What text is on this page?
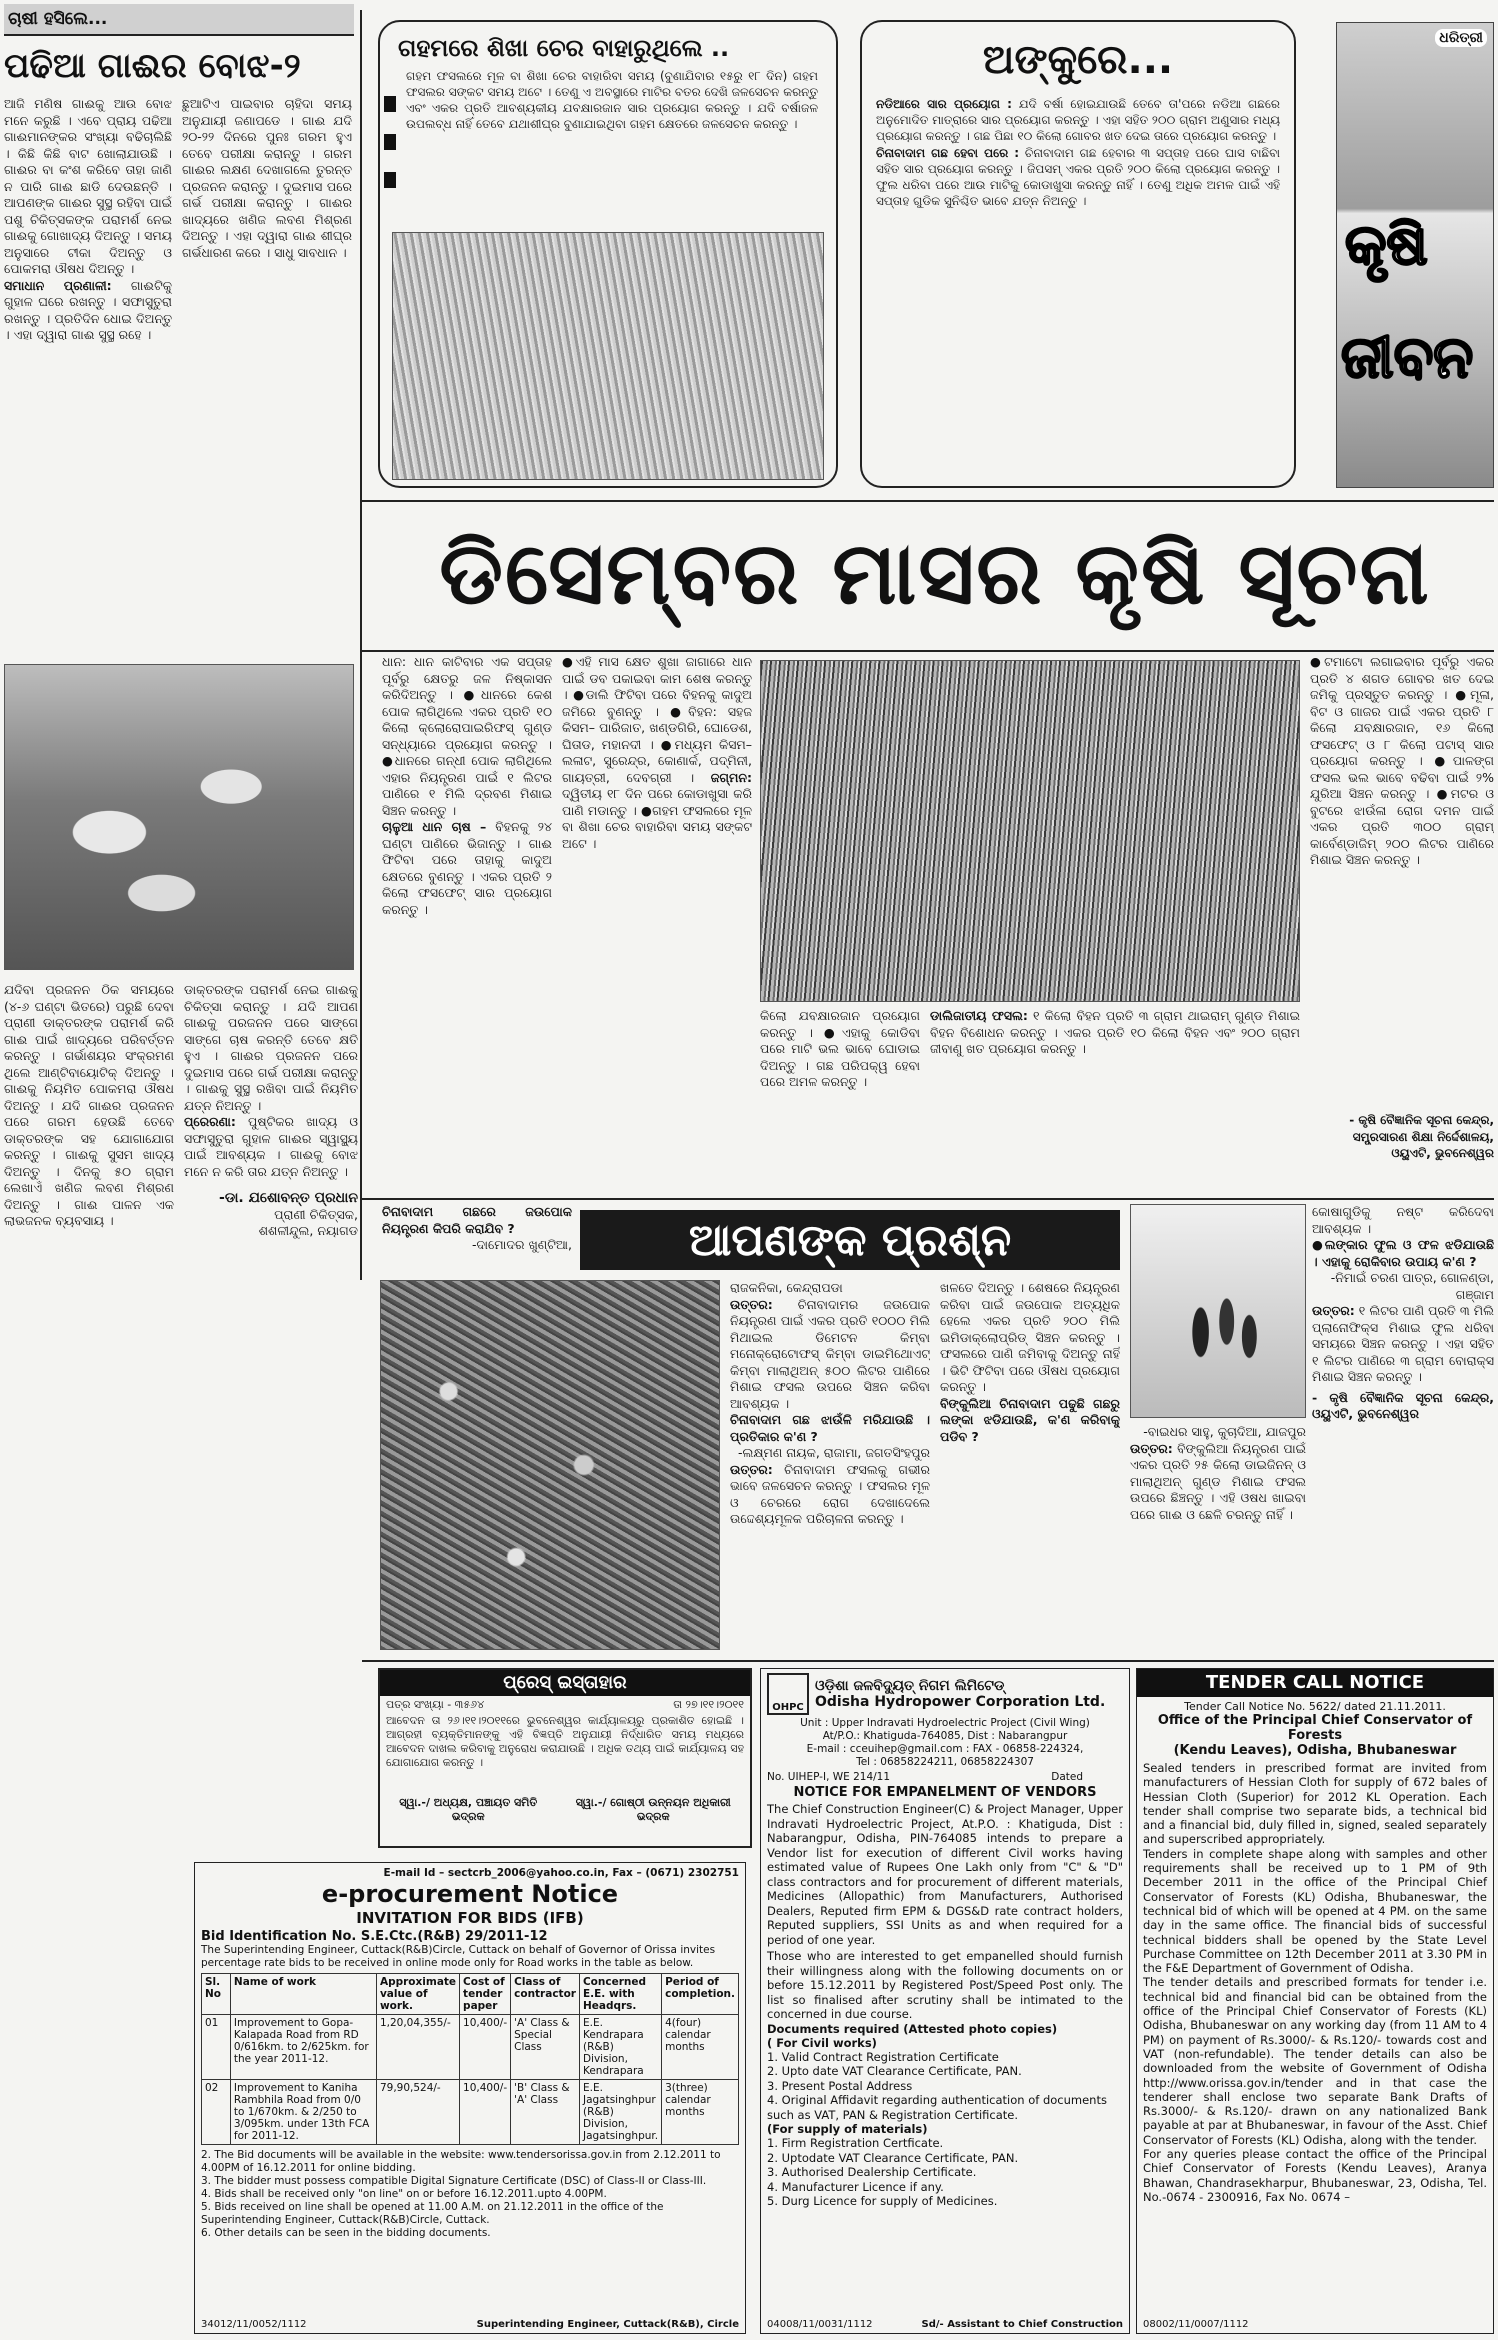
ଚାଷୀ ହସିଲେ...
ପଢିଆ ଗାଈର ବୋଝ-୨
ଆଜି ମଣିଷ ଗାଈକୁ ଆଉ ବୋଝ ମନେ କରୁଛି । ଏବେ ପ୍ରାୟ ପଢିଆ ଗାଈମାନଙ୍କର ସଂଖ୍ୟା ବଢିଚାଲିଛି । କିଛି କିଛି ବାଟ ଖୋଲାଯାଉଛି । ଗାଈର ବା କଂଶ କରିବେ ତାହା ଜାଣି ନ ପାରି ଗାଈ ଛାଡି ଦେଉଛନ୍ତି । ଆପଣଙ୍କ ଗାଈର ସୁସ୍ଥ ରହିବା ପାଇଁ ପଶୁ ଚିକିତ୍ସକଙ୍କ ପରାମର୍ଶ ନେଇ ଗାଈକୁ ଗୋଖାଦ୍ୟ ଦିଅନ୍ତୁ । ସମୟ ଅନୁସାରେ ଟୀକା ଦିଅନ୍ତୁ ଓ ପୋକମରା ଔଷଧ ଦିଅନ୍ତୁ ।
ସମାଧାନ ପ୍ରଣାଳୀ: ଗାଈଟିକୁ ଗୁହାଳ ଘରେ ରଖନ୍ତୁ । ସଫାସୁତୁରା ରଖନ୍ତୁ । ପ୍ରତିଦିନ ଧୋଇ ଦିଅନ୍ତୁ । ଏହା ଦ୍ୱାରା ଗାଈ ସୁସ୍ଥ ରହେ ।
ଛୁଆଟିଏ ପାଇବାର ଚାହିଦା ସମୟ ଅନୁଯାୟୀ ଜଣାପଡେ । ଗାଈ ଯଦି ୨୦-୨୨ ଦିନରେ ପୁନଃ ଗରମ ହୁଏ ତେବେ ପରୀକ୍ଷା କରାନ୍ତୁ । ଗରମ ଗାଈର ଲକ୍ଷଣ ଦେଖାଗଲେ ତୁରନ୍ତ ପ୍ରଜନନ କରାନ୍ତୁ । ଦୁଇମାସ ପରେ ଗର୍ଭ ପରୀକ୍ଷା କରାନ୍ତୁ । ଗାଈର ଖାଦ୍ୟରେ ଖଣିଜ ଲବଣ ମିଶ୍ରଣ ଦିଅନ୍ତୁ । ଏହା ଦ୍ୱାରା ଗାଈ ଶୀଘ୍ର ଗର୍ଭଧାରଣ କରେ । ସାଧୁ ସାବଧାନ ।
ଗହମରେ ଶିଖା ଚେର ବାହାରୁଥିଲେ ..
ଗହମ ଫସଲରେ ମୂଳ ବା ଶିଖା ଚେର ବାହାରିବା ସମୟ (ବୁଣାଯିବାର ୧୫ରୁ ୧୮ ଦିନ) ଗହମ ଫସଲର ସଙ୍କଟ ସମୟ ଅଟେ । ତେଣୁ ଏ ଅବସ୍ଥାରେ ମାଟିର ବତର ଦେଖି ଜଳସେଚନ କରନ୍ତୁ ଏବଂ ଏକର ପ୍ରତି ଆବଶ୍ୟକୀୟ ଯବକ୍ଷାରଜାନ ସାର ପ୍ରୟୋଗ କରନ୍ତୁ । ଯଦି ବର୍ଷାଜଳ ଉପଲବ୍ଧ ନାହିଁ ତେବେ ଯଥାଶୀଘ୍ର ବୁଣାଯାଇଥିବା ଗହମ କ୍ଷେତରେ ଜଳସେଚନ କରନ୍ତୁ ।
ଅଙ୍କୁରେ...
ନଡିଆରେ ସାର ପ୍ରୟୋଗ : ଯଦି ବର୍ଷା ହୋଇଯାଉଛି ତେବେ ତା'ପରେ ନଡିଆ ଗଛରେ ଅନୁମୋଦିତ ମାତ୍ରାରେ ସାର ପ୍ରୟୋଗ କରନ୍ତୁ । ଏହା ସହିତ ୨୦୦ ଗ୍ରାମ ଅଣୁସାର ମଧ୍ୟ ପ୍ରୟୋଗ କରନ୍ତୁ । ଗଛ ପିଛା ୧୦ କିଲୋ ଗୋବର ଖତ ଦେଇ ତାରେ ପ୍ରୟୋଗ କରନ୍ତୁ ।
ଚିନାବାଦାମ ଗଛ ହେବା ପରେ : ଚିନାବାଦାମ ଗଛ ହେବାର ୩ ସପ୍ତାହ ପରେ ଘାସ ବାଛିବା ସହିତ ସାର ପ୍ରୟୋଗ କରନ୍ତୁ । ଜିପସମ୍ ଏକର ପ୍ରତି ୨୦୦ କିଲୋ ପ୍ରୟୋଗ କରନ୍ତୁ । ଫୁଲ ଧରିବା ପରେ ଆଉ ମାଟିକୁ କୋଡାଖୁସା କରନ୍ତୁ ନାହିଁ । ତେଣୁ ଅଧିକ ଅମଳ ପାଇଁ ଏହି ସପ୍ତାହ ଗୁଡିକ ସୁନିଶ୍ଚିତ ଭାବେ ଯତ୍ନ ନିଅନ୍ତୁ ।
ଧରିତ୍ରୀ
କୃଷି
ଜୀବନ
ଡିସେମ୍ବର ମାସର କୃଷି ସୂଚନା
ଯଦିବା ପ୍ରଜନନ ଠିକ ସମୟରେ (୪-୬ ଘଣ୍ଟା ଭିତରେ) ପରୁଛି ଦେବା ପ୍ରାଣୀ ଡାକ୍ତରଙ୍କ ପରାମର୍ଶ କରି ଗାଈ ପାଇଁ ଖାଦ୍ୟରେ ପରିବର୍ତ୍ତନ କରନ୍ତୁ । ଗର୍ଭାଶୟର ସଂକ୍ରମଣ ଥିଲେ ଆଣ୍ଟିବାୟୋଟିକ୍ ଦିଅନ୍ତୁ । ଗାଈକୁ ନିୟମିତ ପୋକମରା ଔଷଧ ଦିଅନ୍ତୁ । ଯଦି ଗାଈର ପ୍ରଜନନ ପରେ ଗରମ ହେଉଛି ତେବେ ଡାକ୍ତରଙ୍କ ସହ ଯୋଗାଯୋଗ କରନ୍ତୁ । ଗାଈକୁ ସୁସମ ଖାଦ୍ୟ ଦିଅନ୍ତୁ । ଦିନକୁ ୫୦ ଗ୍ରାମ ଲେଖାଏଁ ଖଣିଜ ଲବଣ ମିଶ୍ରଣ ଦିଅନ୍ତୁ । ଗାଈ ପାଳନ ଏକ ଲାଭଜନକ ବ୍ୟବସାୟ ।
ଡାକ୍ତରଙ୍କ ପରାମର୍ଶ ନେଇ ଗାଈକୁ ଚିକିତ୍ସା କରାନ୍ତୁ । ଯଦି ଆପଣ ଗାଈକୁ ପରଜନନ ପରେ ସାଙ୍ଗେ ସାଙ୍ଗେ ଚାଷ କରନ୍ତି ତେବେ କ୍ଷତି ହୁଏ । ଗାଈର ପ୍ରଜନନ ପରେ ଦୁଇମାସ ପରେ ଗର୍ଭ ପରୀକ୍ଷା କରାନ୍ତୁ । ଗାଈକୁ ସୁସ୍ଥ ରଖିବା ପାଇଁ ନିୟମିତ ଯତ୍ନ ନିଅନ୍ତୁ ।
ପ୍ରେରଣା: ପୁଷ୍ଟିକର ଖାଦ୍ୟ ଓ ସଫାସୁତୁରା ଗୁହାଳ ଗାଈର ସ୍ୱାସ୍ଥ୍ୟ ପାଇଁ ଆବଶ୍ୟକ । ଗାଈକୁ ବୋଝ ମନେ ନ କରି ତାର ଯତ୍ନ ନିଅନ୍ତୁ ।
-ଡା. ଯଶୋବନ୍ତ ପ୍ରଧାନ
ପ୍ରାଣୀ ଚିକିତ୍ସକ,
ଶଶଳୀନ୍ଦୁଲ, ନୟାଗଡ
ଧାନ: ଧାନ କାଟିବାର ଏକ ସପ୍ତାହ ପୂର୍ବରୁ କ୍ଷେତରୁ ଜଳ ନିଷ୍କାସନ କରିଦିଅନ୍ତୁ । ●ଧାନରେ କେଶ ପୋକ ଲାଗିଥିଲେ ଏକର ପ୍ରତି ୧୦ କିଲୋ କ୍ଲୋରୋପାଇରିଫସ୍ ଗୁଣ୍ଡ ସନ୍ଧ୍ୟାରେ ପ୍ରୟୋଗ କରନ୍ତୁ । ●ଧାନରେ ଗନ୍ଧୀ ପୋକ ଲାଗିଥିଲେ ଏହାର ନିୟନ୍ତ୍ରଣ ପାଇଁ ୧ ଲିଟର ପାଣିରେ ୧ ମିଲି ଦ୍ରବଣ ମିଶାଇ ସିଞ୍ଚନ କରନ୍ତୁ ।
ଚାଳୁଆ ଧାନ ଚାଷ – ବିହନକୁ ୨୪ ଘଣ୍ଟା ପାଣିରେ ଭିଜାନ୍ତୁ । ଗାଈ ଫିଟିବା ପରେ ତାହାକୁ କାଦୁଅ କ୍ଷେତରେ ବୁଣନ୍ତୁ । ଏକର ପ୍ରତି ୨ କିଲୋ ଫସଫେଟ୍ ସାର ପ୍ରୟୋଗ କରନ୍ତୁ ।
●ଏହି ମାସ କ୍ଷେତ ଶୁଖା ଜାଗାରେ ଧାନ ପାଇଁ ଡବ ପକାଇବା କାମ ଶେଷ କରନ୍ତୁ । ●ଡାଲି ଫିଟିବା ପରେ ବିହନକୁ କାଦୁଅ ଜମିରେ ବୁଣନ୍ତୁ । ●ବିହନ: ସହଜ କିସମ– ପାରିଜାତ, ଖଣ୍ଡଗିରି, ଘୋଡେଶ, ଘିତାଡ, ମହାନଦୀ । ●ମଧ୍ୟମ କିସମ– ଲଳାଟ, ସୁରେନ୍ଦ୍ର, କୋଣାର୍କ, ପଦ୍ମିନୀ, ଗାୟତ୍ରୀ, ଦେବଗ୍ରୀ । ଜଗ୍ମନ: ଦ୍ୱିତୀୟ ୧୮ ଦିନ ପରେ କୋଡାଖୁସା କରି ପାଣି ମଡାନ୍ତୁ । ●ଗହମ ଫସଲରେ ମୂଳ ବା ଶିଖା ଚେର ବାହାରିବା ସମୟ ସଙ୍କଟ ଅଟେ ।
କିଲୋ ଯବକ୍ଷାରଜାନ ପ୍ରୟୋଗ କରନ୍ତୁ । ●ଏହାକୁ କୋଡିବା ପରେ ମାଟି ଭଲ ଭାବେ ଘୋଡାଇ ଦିଅନ୍ତୁ । ଗଛ ପରିପକ୍ୱ ହେବା ପରେ ଅମଳ କରନ୍ତୁ ।
ଡାଲିଜାତୀୟ ଫସଲ: ୧ କିଲୋ ବିହନ ପ୍ରତି ୩ ଗ୍ରାମ ଥାଇରାମ୍ ଗୁଣ୍ଡ ମିଶାଇ ବିହନ ବିଶୋଧନ କରନ୍ତୁ । ଏକର ପ୍ରତି ୧୦ କିଲୋ ବିହନ ଏବଂ ୨୦୦ ଗ୍ରାମ ଜୀବାଣୁ ଖତ ପ୍ରୟୋଗ କରନ୍ତୁ ।
●ଟମାଟୋ ଲଗାଇବାର ପୂର୍ବରୁ ଏକର ପ୍ରତି ୪ ଶଗଡ ଗୋବର ଖତ ଦେଇ ଜମିକୁ ପ୍ରସ୍ତୁତ କରନ୍ତୁ । ●ମୂଳା, ବିଟ ଓ ଗାଜର ପାଇଁ ଏକର ପ୍ରତି ୮ କିଲୋ ଯବକ୍ଷାରଜାନ, ୧୬ କିଲୋ ଫସଫେଟ୍ ଓ ୮ କିଲୋ ପଟାସ୍ ସାର ପ୍ରୟୋଗ କରନ୍ତୁ । ●ପାଳଙ୍ଗ ଫସଲ ଭଲ ଭାବେ ବଢିବା ପାଇଁ ୨% ଯୁରିଆ ସିଞ୍ଚନ କରନ୍ତୁ । ●ମଟର ଓ ବୁଟରେ ଝାଉଁଳା ରୋଗ ଦମନ ପାଇଁ ଏକର ପ୍ରତି ୩୦୦ ଗ୍ରାମ୍ କାର୍ବେଣ୍ଡାଜିମ୍ ୨୦୦ ଲିଟର ପାଣିରେ ମିଶାଇ ସିଞ୍ଚନ କରନ୍ତୁ ।
- କୃଷି ବୈଜ୍ଞାନିକ ସୂଚନା କେନ୍ଦ୍ର, ସମ୍ପ୍ରସାରଣ ଶିକ୍ଷା ନିର୍ଦ୍ଦେଶାଳୟ, ଓୟୁଏଟି, ଭୁବନେଶ୍ୱର
ଚିନାବାଦାମ ଗଛରେ ଜଉପୋକ ନିୟନ୍ତ୍ରଣ କିପରି କରାଯିବ ?
-ଦାମୋଦର ଖୁଣ୍ଟିଆ,	ଆପଣଙ୍କ ପ୍ରଶ୍ନ
କୋଷାଗୁଡିକୁ ନଷ୍ଟ କରିଦେବା ଆବଶ୍ୟକ ।
●ଲଙ୍କାର ଫୁଲ ଓ ଫଳ ଝଡିଯାଉଛି । ଏହାକୁ ରୋକିବାର ଉପାୟ କ'ଣ ?
-ନିମାଇଁ ଚରଣ ପାତ୍ର, ଗୋଳଣ୍ଡା, ଗଞ୍ଜାମ
ଉତ୍ତର: ୧ ଲିଟର ପାଣି ପ୍ରତି ୩ ମିଲି ପ୍ଲାନୋଫିକ୍ସ ମିଶାଇ ଫୁଲ ଧରିବା ସମୟରେ ସିଞ୍ଚନ କରନ୍ତୁ । ଏହା ସହିତ ୧ ଲିଟର ପାଣିରେ ୩ ଗ୍ରାମ ବୋରାକ୍ସ ମିଶାଇ ସିଞ୍ଚନ କରନ୍ତୁ ।
- କୃଷି ବୈଜ୍ଞାନିକ ସୂଚନା କେନ୍ଦ୍ର, ଓୟୁଏଟି, ଭୁବନେଶ୍ୱର
ରାଜକନିକା, କେନ୍ଦ୍ରାପଡା
ଉତ୍ତର: ଚିନାବାଦାମର ଜଉପୋକ ନିୟନ୍ତ୍ରଣ ପାଇଁ ଏକର ପ୍ରତି ୧୦୦୦ ମିଲି ମିଥାଇଲ ଡିମେଟନ କିମ୍ବା ମନୋକ୍ରୋଟୋଫସ୍ କିମ୍ବା ଡାଇମିଥୋଏଟ୍ କିମ୍ବା ମାଲାଥିଅନ୍ ୫୦୦ ଲିଟର ପାଣିରେ ମିଶାଇ ଫସଲ ଉପରେ ସିଞ୍ଚନ କରିବା ଆବଶ୍ୟକ ।
ଚିନାବାଦାମ ଗଛ ଝାଉଁଳି ମରିଯାଉଛି । ପ୍ରତିକାର କ'ଣ ?
-ଲକ୍ଷ୍ମଣ ନାୟକ, ରାଜାମା, ଜଗତସିଂହପୁର
ଉତ୍ତର: ଚିନାବାଦାମ ଫସଲକୁ ଗଭୀର ଭାବେ ଜଳସେଚନ କରନ୍ତୁ । ଫସଲର ମୂଳ ଓ ଚେରରେ ରୋଗ ଦେଖାଦେଲେ ଉଦ୍ଦେଶ୍ୟମୂଳକ ପରିଚାଳନା କରନ୍ତୁ ।
ଖଳତେ ଦିଅନ୍ତୁ । ଶେଷରେ ନିୟନ୍ତ୍ରଣ କରିବା ପାଇଁ ଜଉପୋକ ଅତ୍ୟଧିକ ହେଲେ ଏକର ପ୍ରତି ୨୦୦ ମିଲି ଇମିଡାକ୍ଲୋପ୍ରିଡ୍ ସିଞ୍ଚନ କରନ୍ତୁ । ଫସଲରେ ପାଣି ଜମିବାକୁ ଦିଅନ୍ତୁ ନାହିଁ । ଭିଟି ଫିଟିବା ପରେ ଔଷଧ ପ୍ରୟୋଗ କରନ୍ତୁ ।
ବିଙ୍କୁଲିଆ ଚିନାବାଦାମ ପଢୁଛି ଗଛରୁ ଲଙ୍କା ଝଡିଯାଉଛି, କ'ଣ କରିବାକୁ ପଡିବ ?	-ବାଇଧର ସାହୁ, କୁଚାଦିଆ, ଯାଜପୁର
ଉତ୍ତର: ବିଙ୍କୁଲିଆ ନିୟନ୍ତ୍ରଣ ପାଇଁ ଏକର ପ୍ରତି ୨୫ କିଲୋ ଡାଇଜିନନ୍ ଓ ମାଲାଥିଅନ୍ ଗୁଣ୍ଡ ମିଶାଇ ଫସଲ ଉପରେ ଛିଞ୍ଚନ୍ତୁ । ଏହି ଓଷଧ ଖାଇବା ପରେ ଗାଈ ଓ ଛେଳି ଚରନ୍ତୁ ନାହିଁ ।
ପ୍ରେସ୍ ଇସ୍ତାହାର
ପତ୍ର ସଂଖ୍ୟା - ୩୫୬୪	ତା ୨୭।୧୧।୨୦୧୧
ଆବେଦନ ତା ୨୬।୧୧।୨୦୧୧ରେ ଭୁବନେଶ୍ୱର କାର୍ଯ୍ୟାଳୟରୁ ପ୍ରକାଶିତ ହୋଇଛି । ଆଗ୍ରହୀ ବ୍ୟକ୍ତିମାନଙ୍କୁ ଏହି ବିଜ୍ଞପ୍ତି ଅନୁଯାୟୀ ନିର୍ଦ୍ଧାରିତ ସମୟ ମଧ୍ୟରେ ଆବେଦନ ଦାଖଲ କରିବାକୁ ଅନୁରୋଧ କରାଯାଉଛି । ଅଧିକ ତଥ୍ୟ ପାଇଁ କାର୍ଯ୍ୟାଳୟ ସହ ଯୋଗାଯୋଗ କରନ୍ତୁ ।
ସ୍ୱା.-/ ଅଧ୍ୟକ୍ଷ, ପଞ୍ଚାୟତ ସମିତି
ଭଦ୍ରକ
ସ୍ୱା.-/ ଗୋଷ୍ଠୀ ଉନ୍ନୟନ ଅଧିକାରୀ
ଭଦ୍ରକ
E-mail Id – sectcrb_2006@yahoo.co.in, Fax – (0671) 2302751
e-procurement Notice
INVITATION FOR BIDS (IFB)
Bid Identification No. S.E.Ctc.(R&B) 29/2011-12
The Superintending Engineer, Cuttack(R&B)Circle, Cuttack on behalf of Governor of Orissa invites percentage rate bids to be received in online mode only for Road works in the table as below.
Sl. No	Name of work	Approximate value of work.	Cost of tender paper	Class of contractor	Concerned E.E. with Headqrs.	Period of completion.
01	Improvement to Gopa-Kalapada Road from RD 0/616km. to 2/625km. for the year 2011-12.	1,20,04,355/-	10,400/-	'A' Class & Special Class	E.E. Kendrapara (R&B) Division, Kendrapara	4(four) calendar months
02	Improvement to Kaniha Rambhila Road from 0/0 to 1/670km. & 2/250 to 3/095km. under 13th FCA for 2011-12.	79,90,524/-	10,400/-	'B' Class & 'A' Class	E.E. Jagatsinghpur (R&B) Division, Jagatsinghpur.	3(three) calendar months
2. The Bid documents will be available in the website: www.tendersorissa.gov.in from 2.12.2011 to 4.00PM of 16.12.2011 for online bidding.
3. The bidder must possess compatible Digital Signature Certificate (DSC) of Class-II or Class-III.
4. Bids shall be received only "on line" on or before 16.12.2011.upto 4.00PM.
5. Bids received on line shall be opened at 11.00 A.M. on 21.12.2011 in the office of the Superintending Engineer, Cuttack(R&B)Circle, Cuttack.
6. Other details can be seen in the bidding documents.
34012/11/0052/1112	Superintending Engineer, Cuttack(R&B), Circle
OHPC
ଓଡ଼ିଶା ଜଳବିଦ୍ୟୁତ୍ ନିଗମ ଲିମିଟେଡ୍
Odisha Hydropower Corporation Ltd.
Unit : Upper Indravati Hydroelectric Project (Civil Wing)
At/P.O.: Khatiguda-764085, Dist : Nabarangpur
E-mail : cceuihep@gmail.com : FAX - 06858-224324,
Tel : 06858224211, 06858224307
No. UIHEP-I, WE 214/11	Dated
NOTICE FOR EMPANELMENT OF VENDORS
The Chief Construction Engineer(C) & Project Manager, Upper Indravati Hydroelectric Project, At.P.O. : Khatiguda, Dist : Nabarangpur, Odisha, PIN-764085 intends to prepare a Vendor list for execution of different Civil works having estimated value of Rupees One Lakh only from "C" & "D" class contractors and for procurement of different materials, Medicines (Allopathic) from Manufacturers, Authorised Dealers, Reputed firm EPM & DGS&D rate contract holders, Reputed suppliers, SSI Units as and when required for a period of one year.
Those who are interested to get empanelled should furnish their willingness along with the following documents on or before 15.12.2011 by Registered Post/Speed Post only. The list so finalised after scrutiny shall be intimated to the concerned in due course.
Documents required (Attested photo copies)
( For Civil works)
1. Valid Contract Registration Certificate
2. Upto date VAT Clearance Certificate, PAN.
3. Present Postal Address
4. Original Affidavit regarding authentication of documents such as VAT, PAN & Registration Certificate.
(For supply of materials)
1. Firm Registration Certficate.
2. Uptodate VAT Clearance Certificate, PAN.
3. Authorised Dealership Certificate.
4. Manufacturer Licence if any.
5. Durg Licence for supply of Medicines.
04008/11/0031/1112	Sd/- Assistant to Chief Construction
TENDER CALL NOTICE
Tender Call Notice No. 5622/ dated 21.11.2011.
Office of the Principal Chief Conservator of Forests
(Kendu Leaves), Odisha, Bhubaneswar
Sealed tenders in prescribed format are invited from manufacturers of Hessian Cloth for supply of 672 bales of Hessian Cloth (Superior) for 2012 KL Operation. Each tender shall comprise two separate bids, a technical bid and a financial bid, duly filled in, signed, sealed separately and superscribed appropriately.
Tenders in complete shape along with samples and other requirements shall be received up to 1 PM of 9th December 2011 in the office of the Principal Chief Conservator of Forests (KL) Odisha, Bhubaneswar, the technical bid of which will be opened at 4 PM. on the same day in the same office. The financial bids of successful technical bidders shall be opened by the State Level Purchase Committee on 12th December 2011 at 3.30 PM in the F&E Department of Government of Odisha.
The tender details and prescribed formats for tender i.e. technical bid and financial bid can be obtained from the office of the Principal Chief Conservator of Forests (KL) Odisha, Bhubaneswar on any working day (from 11 AM to 4 PM) on payment of Rs.3000/- & Rs.120/- towards cost and VAT (non-refundable). The tender details can also be downloaded from the website of Government of Odisha http://www.orissa.gov.in/tender and in that case the tenderer shall enclose two separate Bank Drafts of Rs.3000/- & Rs.120/- drawn on any nationalized Bank payable at par at Bhubaneswar, in favour of the Asst. Chief Conservator of Forests (KL) Odisha, along with the tender.
For any queries please contact the office of the Principal Chief Conservator of Forests (Kendu Leaves), Aranya Bhawan, Chandrasekharpur, Bhubaneswar, 23, Odisha, Tel. No.-0674 - 2300916, Fax No. 0674 –
08002/11/0007/1112
